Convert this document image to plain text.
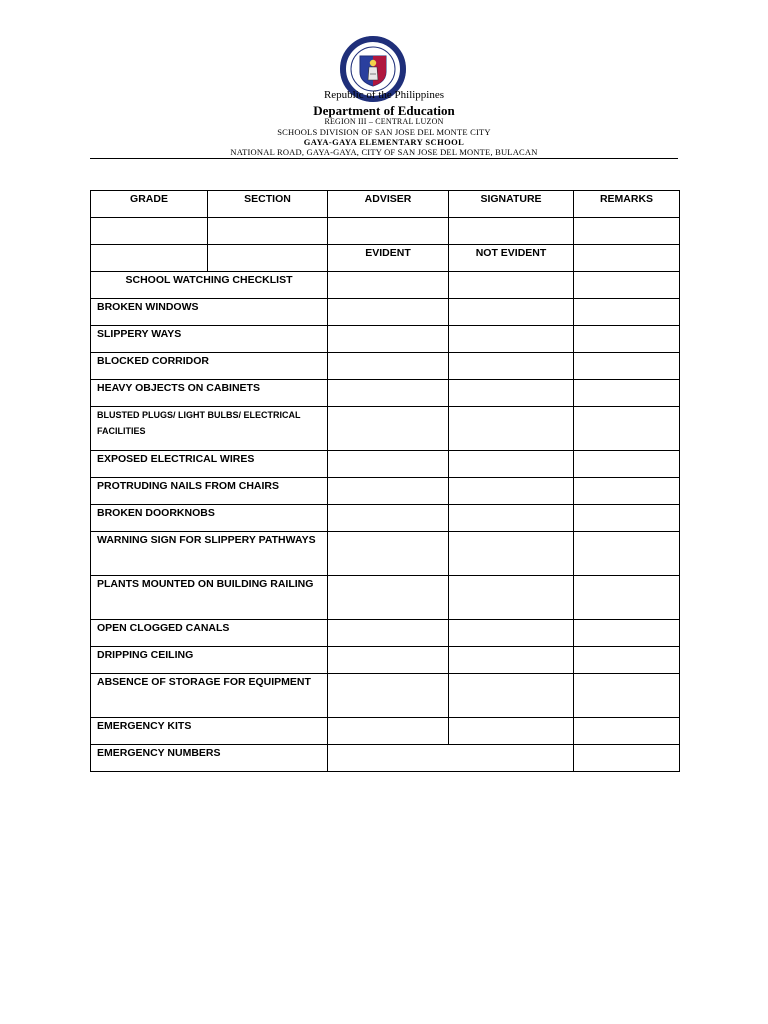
Republic of the Philippines
Department of Education
REGION III – CENTRAL LUZON
SCHOOLS DIVISION OF SAN JOSE DEL MONTE CITY
GAYA-GAYA ELEMENTARY SCHOOL
NATIONAL ROAD, GAYA-GAYA, CITY OF SAN JOSE DEL MONTE, BULACAN
GRADE	SECTION	ADVISER	SIGNATURE	REMARKS

		EVIDENT	NOT EVIDENT	
SCHOOL WATCHING CHECKLIST				
BROKEN WINDOWS				
SLIPPERY WAYS				
BLOCKED CORRIDOR				
HEAVY OBJECTS ON CABINETS				
BLUSTED PLUGS/ LIGHT BULBS/ ELECTRICAL FACILITIES				
EXPOSED ELECTRICAL WIRES				
PROTRUDING NAILS FROM CHAIRS				
BROKEN DOORKNOBS				
WARNING SIGN FOR SLIPPERY PATHWAYS				
PLANTS MOUNTED ON BUILDING RAILING				
OPEN CLOGGED CANALS				
DRIPPING CEILING				
ABSENCE OF STORAGE FOR EQUIPMENT				
EMERGENCY KITS				
EMERGENCY NUMBERS				
